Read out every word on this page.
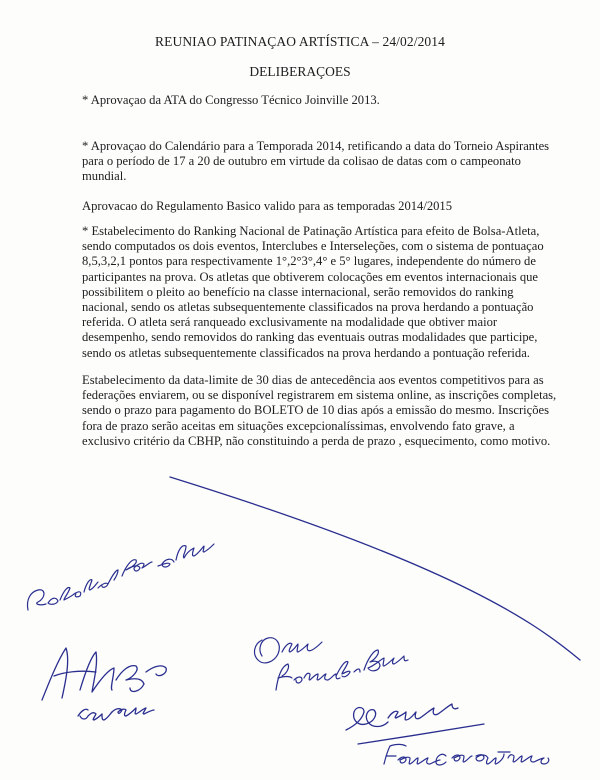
REUNIAO PATINAÇAO ARTÍSTICA – 24/02/2014
DELIBERAÇOES

* Aprovaçao da ATA do Congresso Técnico Joinville 2013.

* Aprovaçao do Calendário para a Temporada 2014, retificando a data do Torneio Aspirantes para o período de 17 a 20 de outubro em virtude da colisao de datas com o campeonato mundial.

Aprovacao do Regulamento Basico valido para as temporadas 2014/2015

* Estabelecimento do Ranking Nacional de Patinação Artística para efeito de Bolsa-Atleta, sendo computados os dois eventos, Interclubes e Interseleções, com o sistema de pontuaçao 8,5,3,2,1 pontos para respectivamente 1°,2°3°,4° e 5° lugares, independente do número de participantes na prova. Os atletas que obtiverem colocações em eventos internacionais que possibilitem o pleito ao benefício na classe internacional, serão removidos do ranking nacional, sendo os atletas subsequentemente classificados na prova herdando a pontuação referida. O atleta será ranqueado exclusivamente na modalidade que obtiver maior desempenho, sendo removidos do ranking das eventuais outras modalidades que participe, sendo os atletas subsequentemente classificados na prova herdando a pontuação referida.

Estabelecimento da data-limite de 30 dias de antecedência aos eventos competitivos para as federações enviarem, ou se disponível registrarem em sistema online, as inscrições completas, sendo o prazo para pagamento do BOLETO de 10 dias após a emissão do mesmo. Inscrições fora de prazo serão aceitas em situações excepcionalíssimas, envolvendo fato grave, a exclusivo critério da CBHP, não constituindo a perda de prazo , esquecimento, como motivo.
